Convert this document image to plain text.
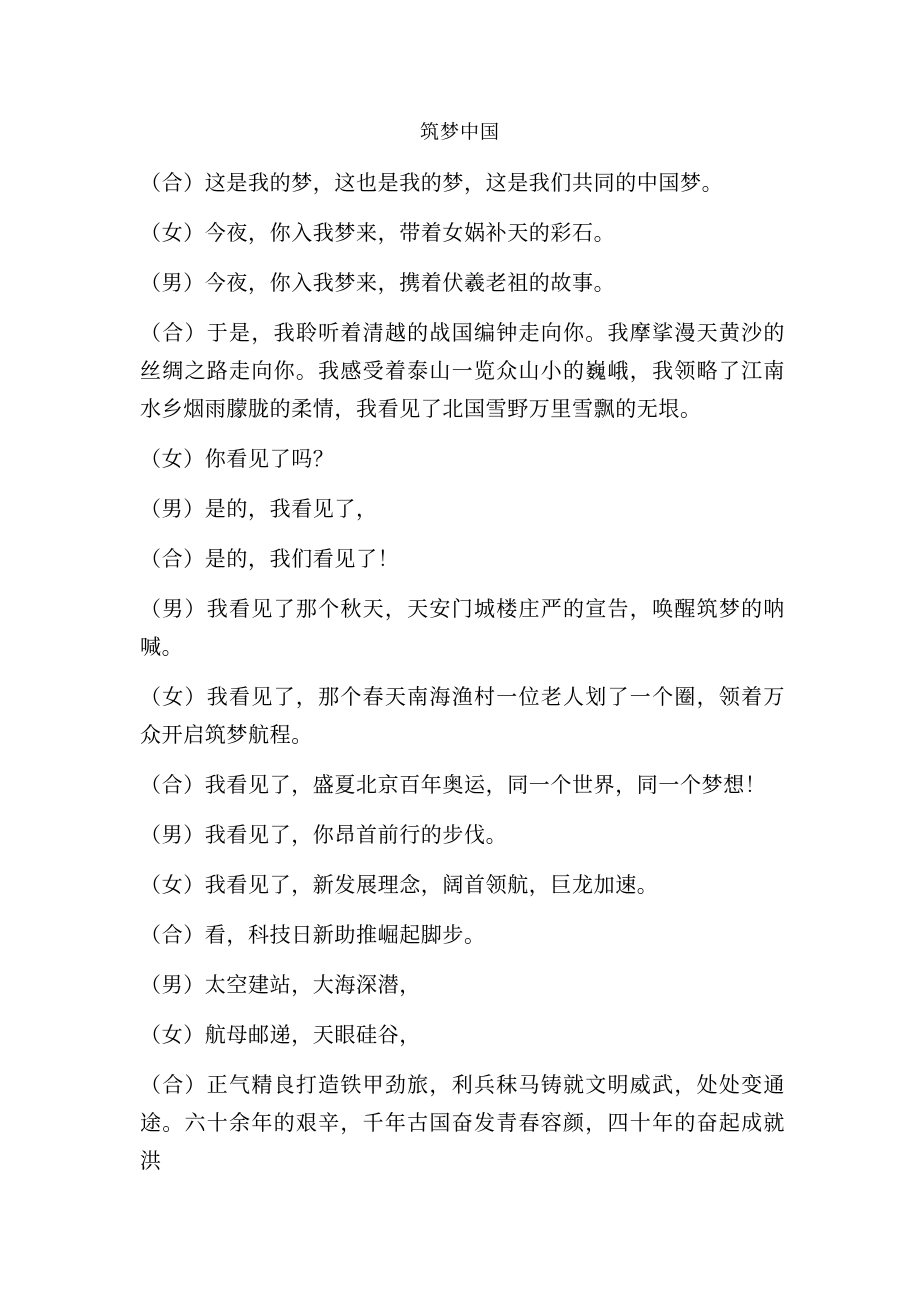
筑梦中国

（合）这是我的梦，这也是我的梦，这是我们共同的中国梦。

（女）今夜，你入我梦来，带着女娲补天的彩石。

（男）今夜，你入我梦来，携着伏羲老祖的故事。

（合）于是，我聆听着清越的战国编钟走向你。我摩挲漫天黄沙的丝绸之路走向你。我感受着泰山一览众山小的巍峨，我领略了江南水乡烟雨朦胧的柔情，我看见了北国雪野万里雪飘的无垠。

（女）你看见了吗？

（男）是的，我看见了，

（合）是的，我们看见了！

（男）我看见了那个秋天，天安门城楼庄严的宣告，唤醒筑梦的呐喊。

（女）我看见了，那个春天南海渔村一位老人划了一个圈，领着万众开启筑梦航程。

（合）我看见了，盛夏北京百年奥运，同一个世界，同一个梦想！

（男）我看见了，你昂首前行的步伐。

（女）我看见了，新发展理念，阔首领航，巨龙加速。

（合）看，科技日新助推崛起脚步。

（男）太空建站，大海深潜，

（女）航母邮递，天眼硅谷，

（合）正气精良打造铁甲劲旅，利兵秣马铸就文明威武，处处变通途。六十余年的艰辛，千年古国奋发青春容颜，四十年的奋起成就洪
